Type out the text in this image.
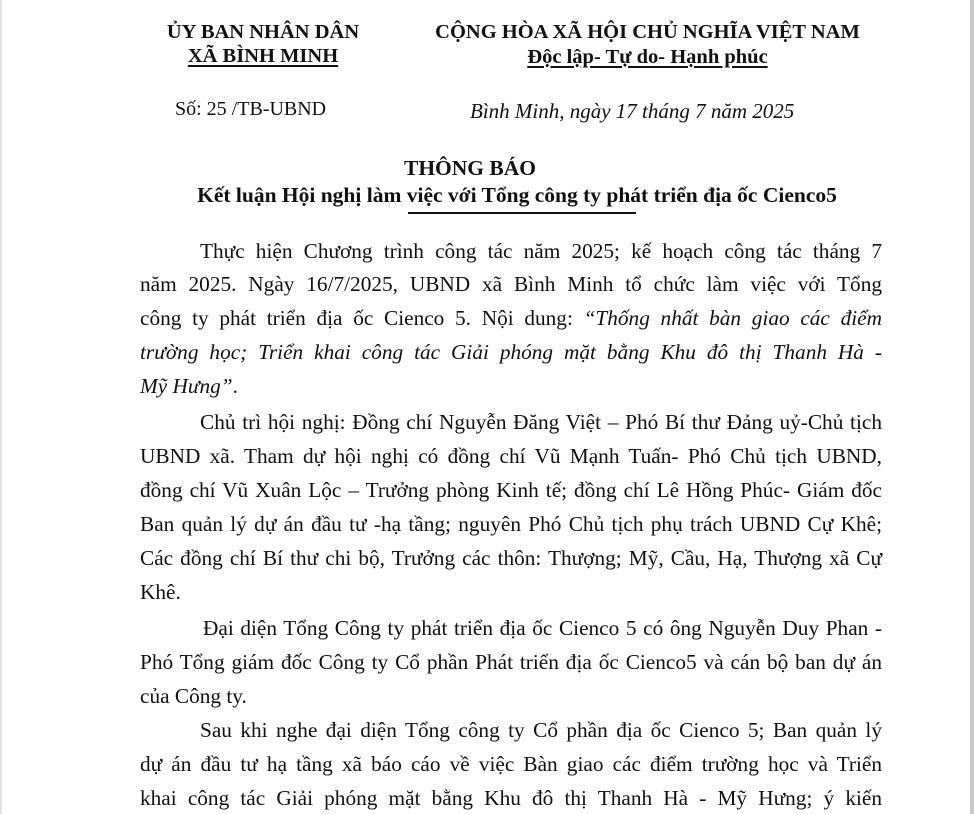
ỦY BAN NHÂN DÂN
XÃ BÌNH MINH
Số: 25 /TB-UBND
CỘNG HÒA XÃ HỘI CHỦ NGHĨA VIỆT NAM
Độc lập- Tự do- Hạnh phúc
Bình Minh, ngày 17 tháng 7 năm 2025
THÔNG BÁO
Kết luận Hội nghị làm việc với Tổng công ty phát triển địa ốc Cienco5
Thực hiện Chương trình công tác năm 2025; kế hoạch công tác tháng 7
năm 2025. Ngày 16/7/2025, UBND xã Bình Minh tổ chức làm việc với Tổng
công ty phát triển địa ốc Cienco 5. Nội dung: “Thống nhất bàn giao các điểm
trường học; Triển khai công tác Giải phóng mặt bằng Khu đô thị Thanh Hà -
Mỹ Hưng”.
Chủ trì hội nghị: Đồng chí Nguyễn Đăng Việt – Phó Bí thư Đảng uỷ-Chủ tịch
UBND xã. Tham dự hội nghị có đồng chí Vũ Mạnh Tuấn- Phó Chủ tịch UBND,
đồng chí Vũ Xuân Lộc – Trưởng phòng Kinh tế; đồng chí Lê Hồng Phúc- Giám đốc
Ban quản lý dự án đầu tư -hạ tầng; nguyên Phó Chủ tịch phụ trách UBND Cự Khê;
Các đồng chí Bí thư chi bộ, Trưởng các thôn: Thượng; Mỹ, Cầu, Hạ, Thượng xã Cự
Khê.
Đại diện Tổng Công ty phát triển địa ốc Cienco 5 có ông Nguyễn Duy Phan -
Phó Tổng giám đốc Công ty Cổ phần Phát triển địa ốc Cienco5 và cán bộ ban dự án
của Công ty.
Sau khi nghe đại diện Tổng công ty Cổ phần địa ốc Cienco 5; Ban quản lý
dự án đầu tư hạ tầng xã báo cáo về việc Bàn giao các điểm trường học và Triển
khai công tác Giải phóng mặt bằng Khu đô thị Thanh Hà - Mỹ Hưng; ý kiến
